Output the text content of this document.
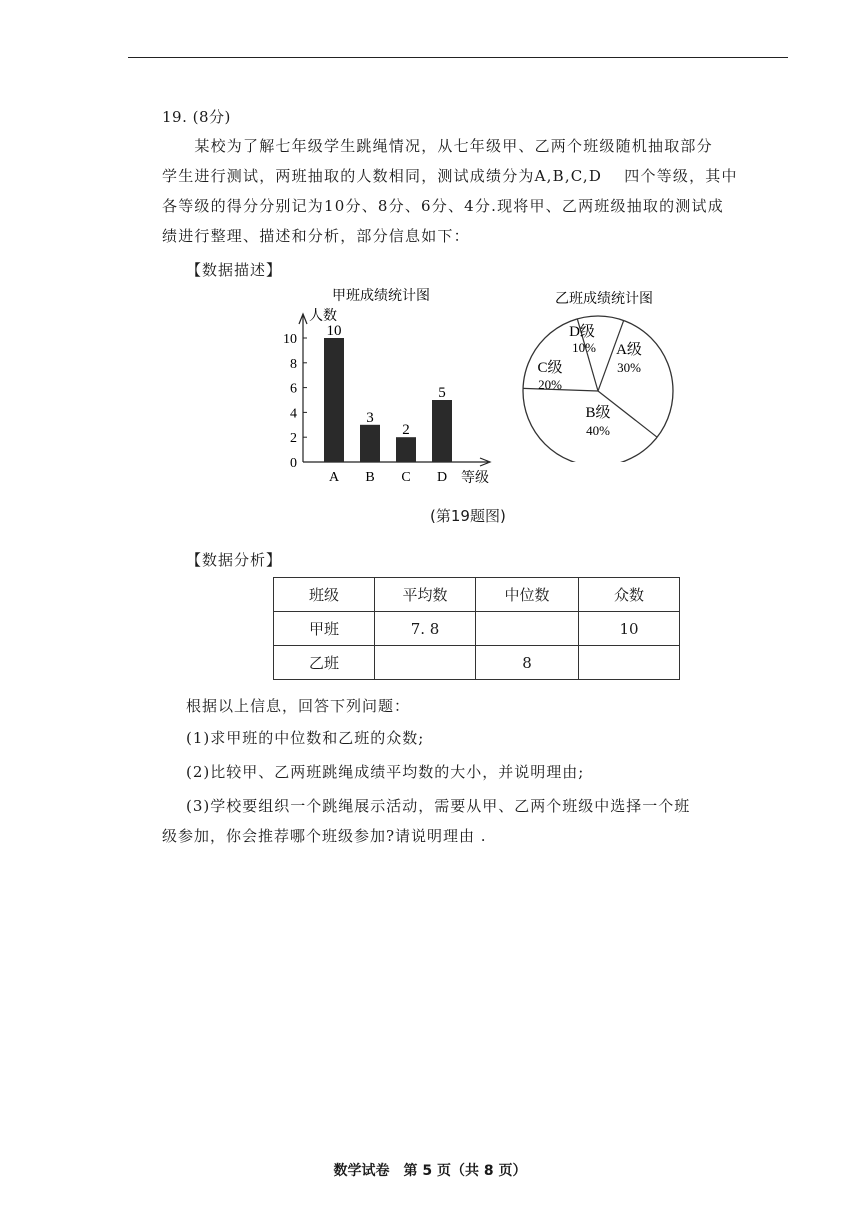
19. (8分)
　　某校为了解七年级学生跳绳情况，从七年级甲、乙两个班级随机抽取部分
学生进行测试，两班抽取的人数相同，测试成绩分为A,B,C,D　 四个等级，其中
各等级的得分分别记为10分、8分、6分、4分.现将甲、乙两班级抽取的测试成
绩进行整理、描述和分析，部分信息如下：
【数据描述】
甲班成绩统计图
人数
等级
0
2
4
6
8
10
10
A
3
B
2
C
5
D
乙班成绩统计图
A级
30%
B级
40%
C级
20%
D级
10%
(第19题图)
【数据分析】
班级	平均数	中位数	众数
甲班	7. 8		10
乙班		8	
根据以上信息，回答下列问题：
(1)求甲班的中位数和乙班的众数;
(2)比较甲、乙两班跳绳成绩平均数的大小，并说明理由;
(3)学校要组织一个跳绳展示活动，需要从甲、乙两个班级中选择一个班
级参加，你会推荐哪个班级参加?请说明理由 .
数学试卷　第 5 页（共 8 页）
